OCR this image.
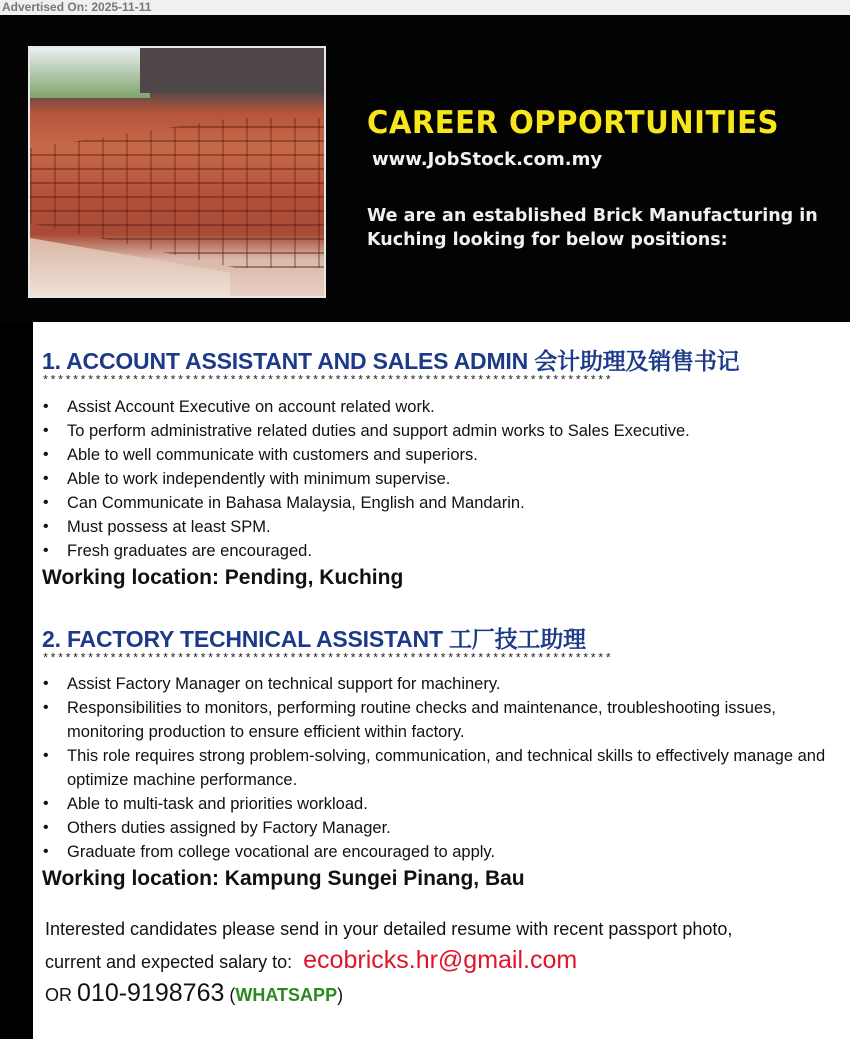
Advertised On: 2025-11-11
CAREER OPPORTUNITIES
www.JobStock.com.my
We are an established Brick Manufacturing in Kuching looking for below positions:
1. ACCOUNT ASSISTANT AND SALES ADMIN 会计助理及销售书记
****************************************************************************
• Assist Account Executive on account related work.
• To perform administrative related duties and support admin works to Sales Executive.
• Able to well communicate with customers and superiors.
• Able to work independently with minimum supervise.
• Can Communicate in Bahasa Malaysia, English and Mandarin.
• Must possess at least SPM.
• Fresh graduates are encouraged.
Working location: Pending, Kuching
2. FACTORY TECHNICAL ASSISTANT 工厂技工助理
****************************************************************************
• Assist Factory Manager on technical support for machinery.
• Responsibilities to monitors, performing routine checks and maintenance, troubleshooting issues, monitoring production to ensure efficient within factory.
• This role requires strong problem-solving, communication, and technical skills to effectively manage and optimize machine performance.
• Able to multi-task and priorities workload.
• Others duties assigned by Factory Manager.
• Graduate from college vocational are encouraged to apply.
Working location: Kampung Sungei Pinang, Bau
Interested candidates please send in your detailed resume with recent passport photo,
current and expected salary to: ecobricks.hr@gmail.com
OR 010-9198763 (WHATSAPP)
